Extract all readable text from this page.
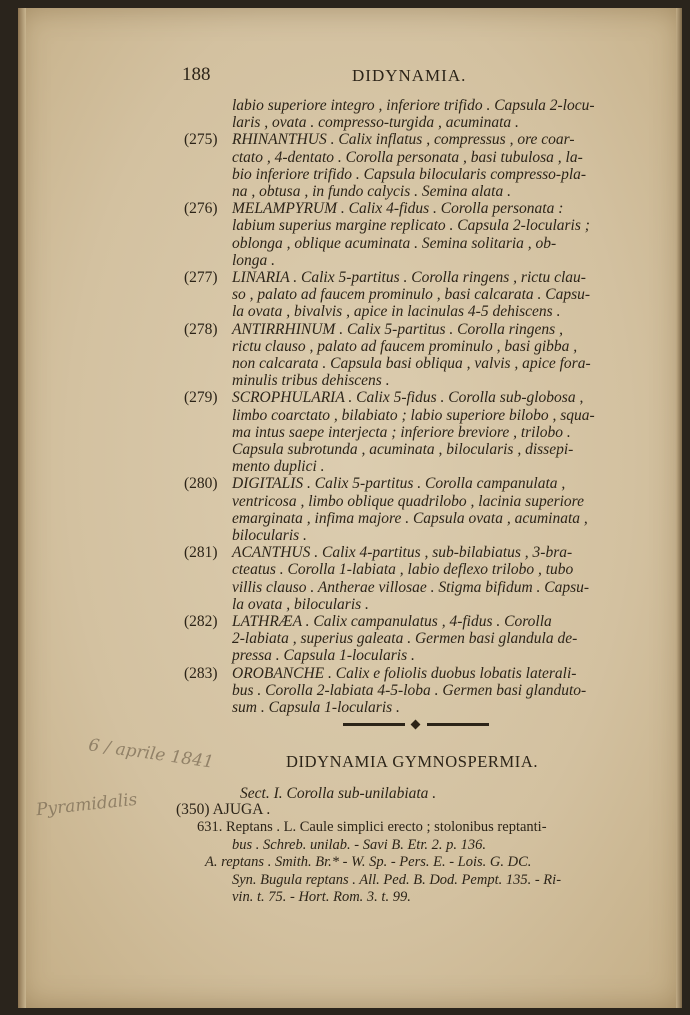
188	DIDYNAMIA.
labio superiore integro , inferiore trifido . Capsula 2-locu-
laris , ovata . compresso-turgida , acuminata .
(275) RHINANTHUS . Calix inflatus , compressus , ore coar-
ctato , 4-dentato . Corolla personata , basi tubulosa , la-
bio inferiore trifido . Capsula bilocularis compresso-pla-
na , obtusa , in fundo calycis . Semina alata .
(276) MELAMPYRUM . Calix 4-fidus . Corolla personata :
labium superius margine replicato . Capsula 2-locularis ;
oblonga , oblique acuminata . Semina solitaria , ob-
longa .
(277) LINARIA . Calix 5-partitus . Corolla ringens , rictu clau-
so , palato ad faucem prominulo , basi calcarata . Capsu-
la ovata , bivalvis , apice in lacinulas 4-5 dehiscens .
(278) ANTIRRHINUM . Calix 5-partitus . Corolla ringens ,
rictu clauso , palato ad faucem prominulo , basi gibba ,
non calcarata . Capsula basi obliqua , valvis , apice fora-
minulis tribus dehiscens .
(279) SCROPHULARIA . Calix 5-fidus . Corolla sub-globosa ,
limbo coarctato , bilabiato ; labio superiore bilobo , squa-
ma intus saepe interjecta ; inferiore breviore , trilobo .
Capsula subrotunda , acuminata , bilocularis , dissepi-
mento duplici .
(280) DIGITALIS . Calix 5-partitus . Corolla campanulata ,
ventricosa , limbo oblique quadrilobo , lacinia superiore
emarginata , infima majore . Capsula ovata , acuminata ,
bilocularis .
(281) ACANTHUS . Calix 4-partitus , sub-bilabiatus , 3-bra-
cteatus . Corolla 1-labiata , labio deflexo trilobo , tubo
villis clauso . Antherae villosae . Stigma bifidum . Capsu-
la ovata , bilocularis .
(282) LATHRÆA . Calix campanulatus , 4-fidus . Corolla
2-labiata , superius galeata . Germen basi glandula de-
pressa . Capsula 1-locularis .
(283) OROBANCHE . Calix e foliolis duobus lobatis laterali-
bus . Corolla 2-labiata 4-5-loba . Germen basi glanduto-
sum . Capsula 1-locularis .
DIDYNAMIA GYMNOSPERMIA.
Sect. I. Corolla sub-unilabiata .
(350) AJUGA .
631. Reptans . L. Caule simplici erecto ; stolonibus reptanti-
bus . Schreb. unilab. - Savi B. Etr. 2. p. 136.
A. reptans . Smith. Br.* - W. Sp. - Pers. E. - Lois. G. DC.
Syn. Bugula reptans . All. Ped. B. Dod. Pempt. 135. - Ri-
vin. t. 75. - Hort. Rom. 3. t. 99.
6 / aprile 1841
Pyramidalis
